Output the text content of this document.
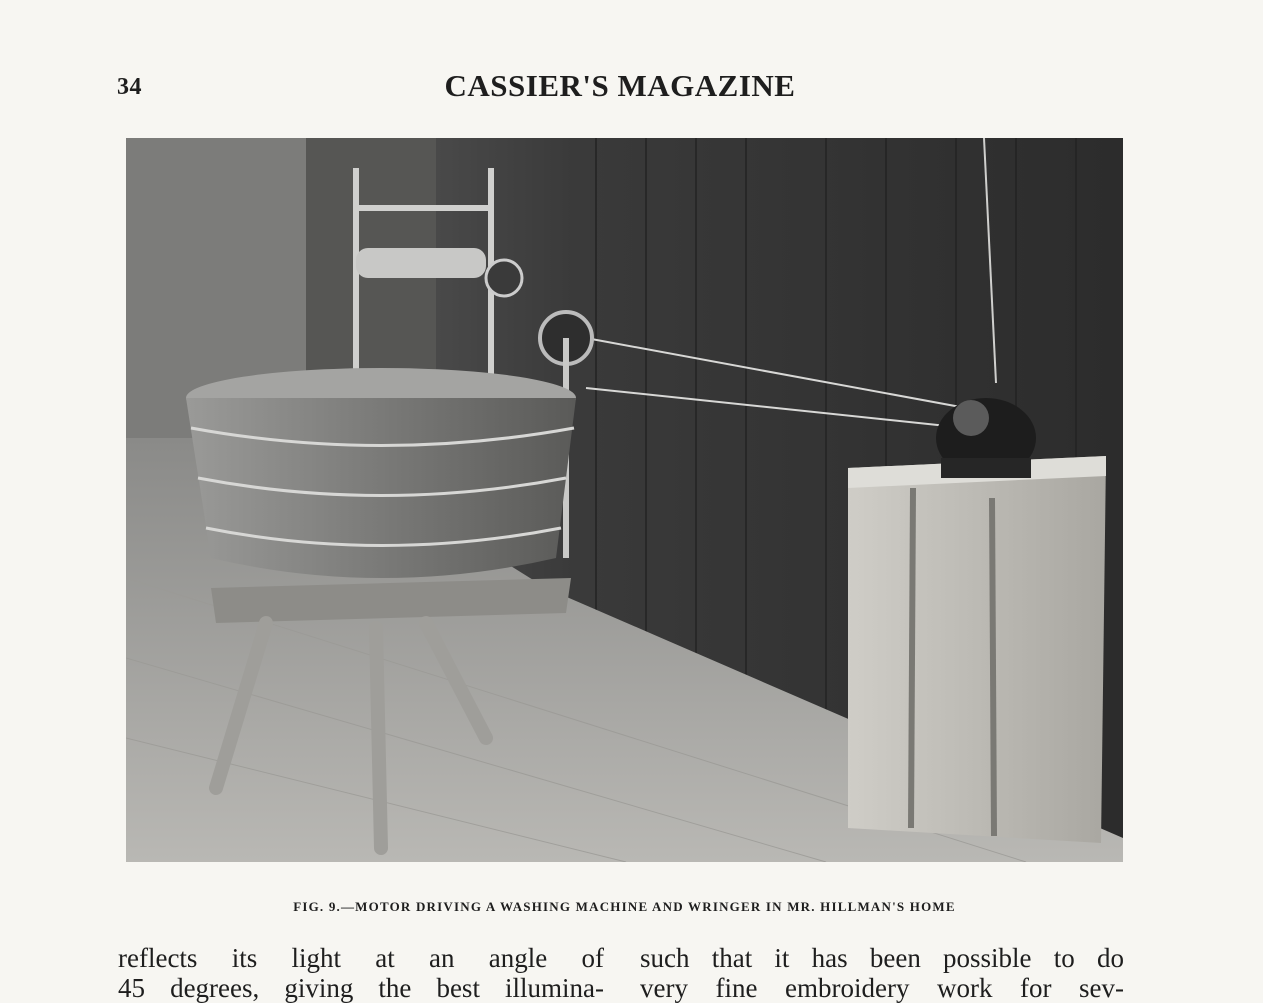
34	CASSIER'S MAGAZINE
FIG. 9.—MOTOR DRIVING A WASHING MACHINE AND WRINGER IN MR. HILLMAN'S HOME
reflects its light at an angle of
45 degrees, giving the best illumina-
such that it has been possible to do
very fine embroidery work for sev-
